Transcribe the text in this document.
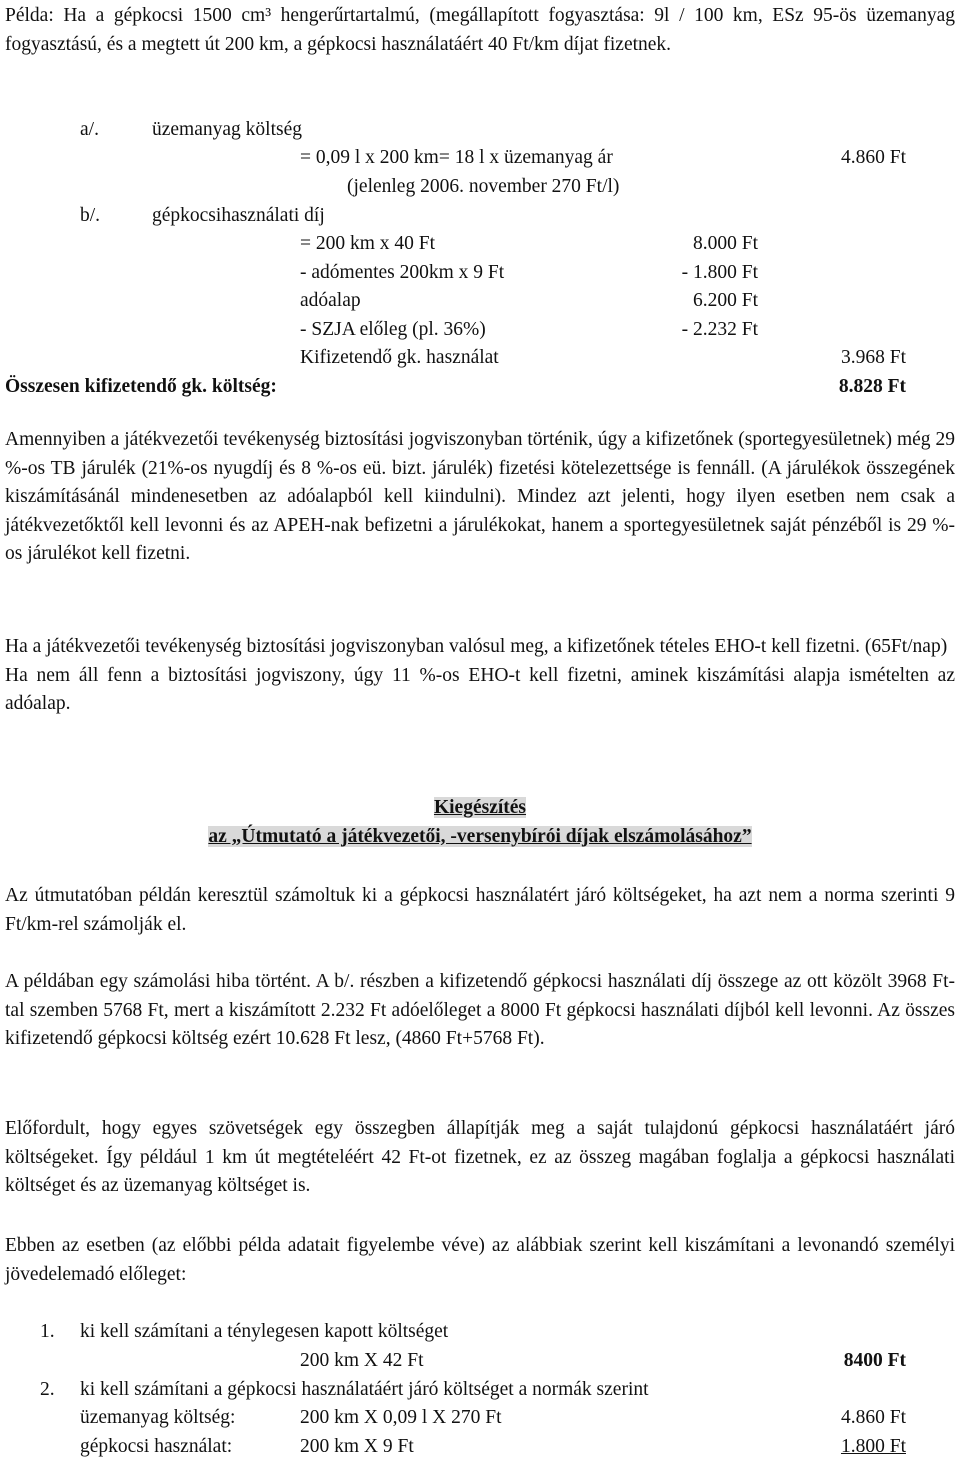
Példa: Ha a gépkocsi 1500 cm³ hengerűrtartalmú, (megállapított fogyasztása: 9l / 100 km, ESz 95-ös üzemanyag fogyasztású, és a megtett út 200 km, a gépkocsi használatáért 40 Ft/km díjat fizetnek.

a/.	üzemanyag költség
= 0,09 l x 200 km= 18 l x üzemanyag ár	4.860 Ft
(jelenleg 2006. november 270 Ft/l)
b/.	gépkocsihasználati díj
= 200 km x 40 Ft	8.000 Ft
- adómentes 200km x 9 Ft	- 1.800 Ft
adóalap	6.200 Ft
- SZJA előleg (pl. 36%)	- 2.232 Ft
Kifizetendő gk. használat	3.968 Ft
Összesen kifizetendő gk. költség:	8.828 Ft

Amennyiben a játékvezetői tevékenység biztosítási jogviszonyban történik, úgy a kifizetőnek (sportegyesületnek) még 29 %-os TB járulék (21%-os nyugdíj és 8 %-os eü. bizt. járulék) fizetési kötelezettsége is fennáll. (A járulékok összegének kiszámításánál mindenesetben az adóalapból kell kiindulni). Mindez azt jelenti, hogy ilyen esetben nem csak a játékvezetőktől kell levonni és az APEH-nak befizetni a járulékokat, hanem a sportegyesületnek saját pénzéből is 29 %-os járulékot kell fizetni.

Ha a játékvezetői tevékenység biztosítási jogviszonyban valósul meg, a kifizetőnek tételes EHO-t kell fizetni. (65Ft/nap)

Ha nem áll fenn a biztosítási jogviszony, úgy 11 %-os EHO-t kell fizetni, aminek kiszámítási alapja ismételten az adóalap.

Kiegészítés
az „Útmutató a játékvezetői, -versenybírói díjak elszámolásához”

Az útmutatóban példán keresztül számoltuk ki a gépkocsi használatért járó költségeket, ha azt nem a norma szerinti 9 Ft/km-rel számolják el.

A példában egy számolási hiba történt. A b/. részben a kifizetendő gépkocsi használati díj összege az ott közölt 3968 Ft-tal szemben 5768 Ft, mert a kiszámított 2.232 Ft adóelőleget a 8000 Ft gépkocsi használati díjból kell levonni. Az összes kifizetendő gépkocsi költség ezért 10.628 Ft lesz, (4860 Ft+5768 Ft).

Előfordult, hogy egyes szövetségek egy összegben állapítják meg a saját tulajdonú gépkocsi használatáért járó költségeket. Így például 1 km út megtételéért 42 Ft-ot fizetnek, ez az összeg magában foglalja a gépkocsi használati költséget és az üzemanyag költséget is.

Ebben az esetben (az előbbi példa adatait figyelembe véve) az alábbiak szerint kell kiszámítani a levonandó személyi jövedelemadó előleget:

1. ki kell számítani a ténylegesen kapott költséget
200 km X 42 Ft	8400 Ft
2. ki kell számítani a gépkocsi használatáért járó költséget a normák szerint
üzemanyag költség:	200 km X 0,09 l X 270 Ft	4.860 Ft
gépkocsi használat:	200 km X 9 Ft	1.800 Ft
